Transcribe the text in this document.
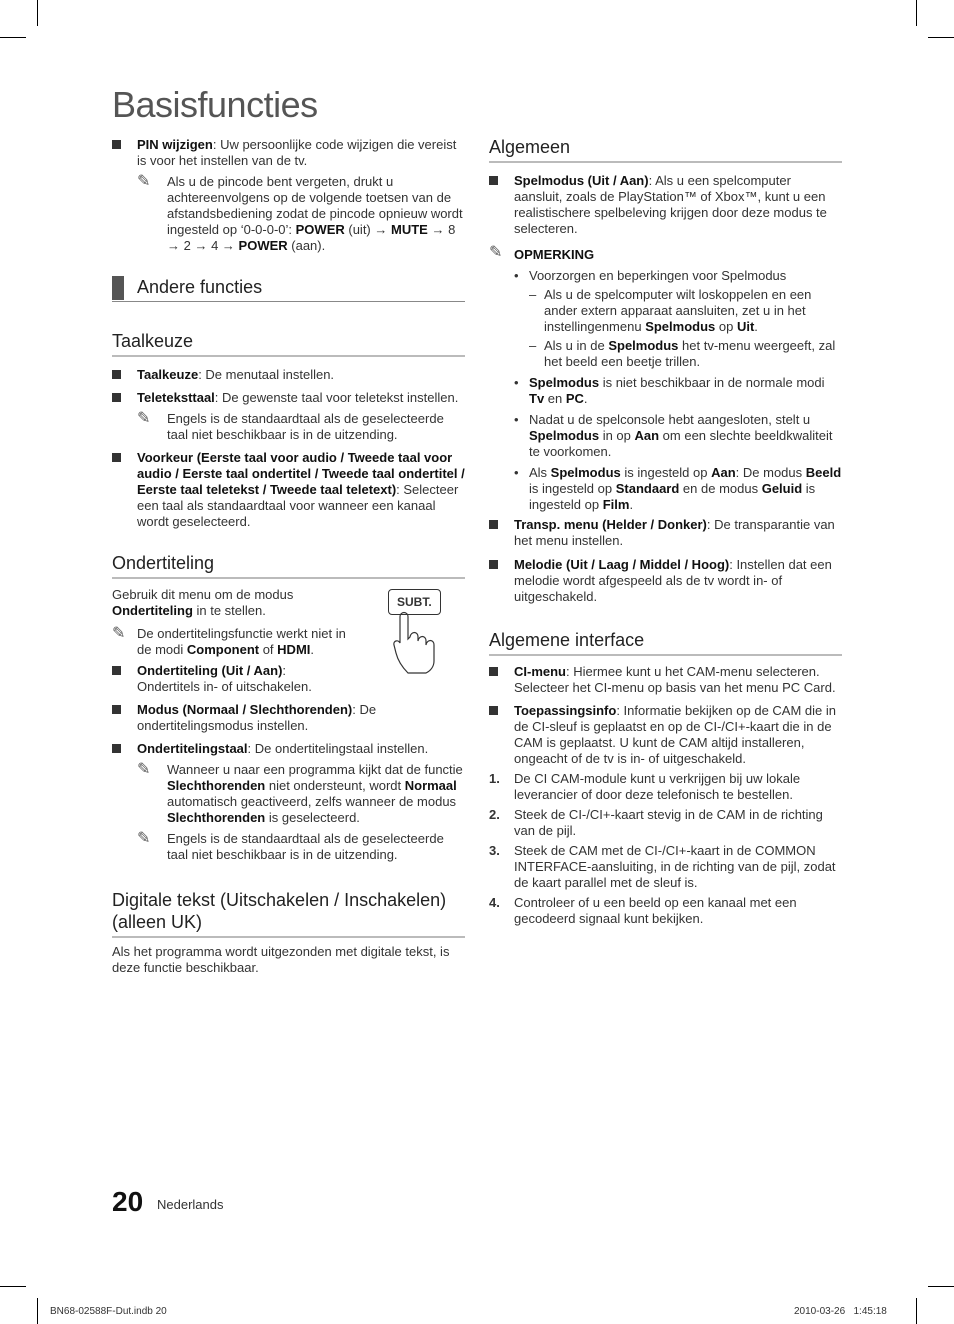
Basisfuncties
PIN wijzigen: Uw persoonlijke code wijzigen die vereist is voor het instellen van de tv.
✎ Als u de pincode bent vergeten, drukt u achtereenvolgens op de volgende toetsen van de afstandsbediening zodat de pincode opnieuw wordt ingesteld op ‘0-0-0-0’: POWER (uit) → MUTE → 8 → 2 → 4 → POWER (aan).
Andere functies
Taalkeuze
Taalkeuze: De menutaal instellen.
Teleteksttaal: De gewenste taal voor teletekst instellen.
✎ Engels is de standaardtaal als de geselecteerde taal niet beschikbaar is in de uitzending.
Voorkeur (Eerste taal voor audio / Tweede taal voor audio / Eerste taal ondertitel / Tweede taal ondertitel / Eerste taal teletekst / Tweede taal teletext): Selecteer een taal als standaardtaal voor wanneer een kanaal wordt geselecteerd.
Ondertiteling
Gebruik dit menu om de modus Ondertiteling in te stellen.
✎ De ondertitelingsfunctie werkt niet in de modi Component of HDMI.
Ondertiteling (Uit / Aan): Ondertitels in- of uitschakelen.
SUBT.
Modus (Normaal / Slechthorenden): De ondertitelingsmodus instellen.
Ondertitelingstaal: De ondertitelingstaal instellen.
✎ Wanneer u naar een programma kijkt dat de functie Slechthorenden niet ondersteunt, wordt Normaal automatisch geactiveerd, zelfs wanneer de modus Slechthorenden is geselecteerd.
✎ Engels is de standaardtaal als de geselecteerde taal niet beschikbaar is in de uitzending.
Digitale tekst (Uitschakelen / Inschakelen) (alleen UK)
Als het programma wordt uitgezonden met digitale tekst, is deze functie beschikbaar.
Algemeen
Spelmodus (Uit / Aan): Als u een spelcomputer aansluit, zoals de PlayStation™ of Xbox™, kunt u een realistischere spelbeleving krijgen door deze modus te selecteren.
✎ OPMERKING
• Voorzorgen en beperkingen voor Spelmodus
– Als u de spelcomputer wilt loskoppelen en een ander extern apparaat aansluiten, zet u in het instellingenmenu Spelmodus op Uit.
– Als u in de Spelmodus het tv-menu weergeeft, zal het beeld een beetje trillen.
• Spelmodus is niet beschikbaar in de normale modi Tv en PC.
• Nadat u de spelconsole hebt aangesloten, stelt u Spelmodus in op Aan om een slechte beeldkwaliteit te voorkomen.
• Als Spelmodus is ingesteld op Aan: De modus Beeld is ingesteld op Standaard en de modus Geluid is ingesteld op Film.
Transp. menu (Helder / Donker): De transparantie van het menu instellen.
Melodie (Uit / Laag / Middel / Hoog): Instellen dat een melodie wordt afgespeeld als de tv wordt in- of uitgeschakeld.
Algemene interface
CI-menu: Hiermee kunt u het CAM-menu selecteren. Selecteer het CI-menu op basis van het menu PC Card.
Toepassingsinfo: Informatie bekijken op de CAM die in de CI-sleuf is geplaatst en op de CI-/CI+-kaart die in de CAM is geplaatst. U kunt de CAM altijd installeren, ongeacht of de tv is in- of uitgeschakeld.
1. De CI CAM-module kunt u verkrijgen bij uw lokale leverancier of door deze telefonisch te bestellen.
2. Steek de CI-/CI+-kaart stevig in de CAM in de richting van de pijl.
3. Steek de CAM met de CI-/CI+-kaart in de COMMON INTERFACE-aansluiting, in de richting van de pijl, zodat de kaart parallel met de sleuf is.
4. Controleer of u een beeld op een kanaal met een gecodeerd signaal kunt bekijken.
20 Nederlands
BN68-02588F-Dut.indb 20	2010-03-26   1:45:18
